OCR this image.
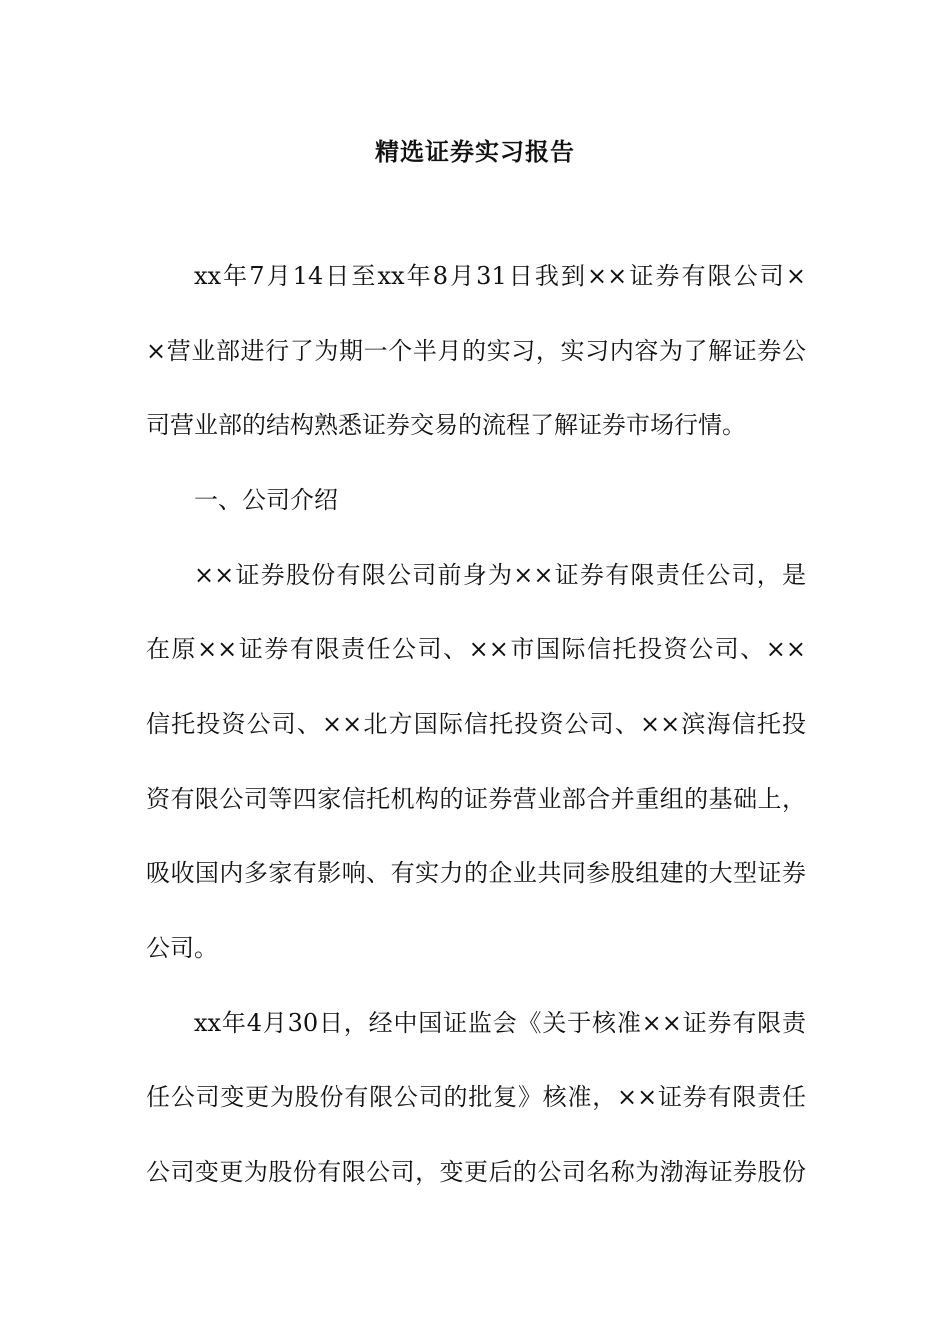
精选证券实习报告
xx年7月14日至xx年8月31日我到××证券有限公司×
×营业部进行了为期一个半月的实习，实习内容为了解证券公
司营业部的结构熟悉证券交易的流程了解证券市场行情。
一、公司介绍
××证券股份有限公司前身为××证券有限责任公司，是
在原××证券有限责任公司、××市国际信托投资公司、××
信托投资公司、××北方国际信托投资公司、××滨海信托投
资有限公司等四家信托机构的证券营业部合并重组的基础上，
吸收国内多家有影响、有实力的企业共同参股组建的大型证券
公司。
xx年4月30日，经中国证监会《关于核准××证券有限责
任公司变更为股份有限公司的批复》核准，××证券有限责任
公司变更为股份有限公司，变更后的公司名称为渤海证券股份
